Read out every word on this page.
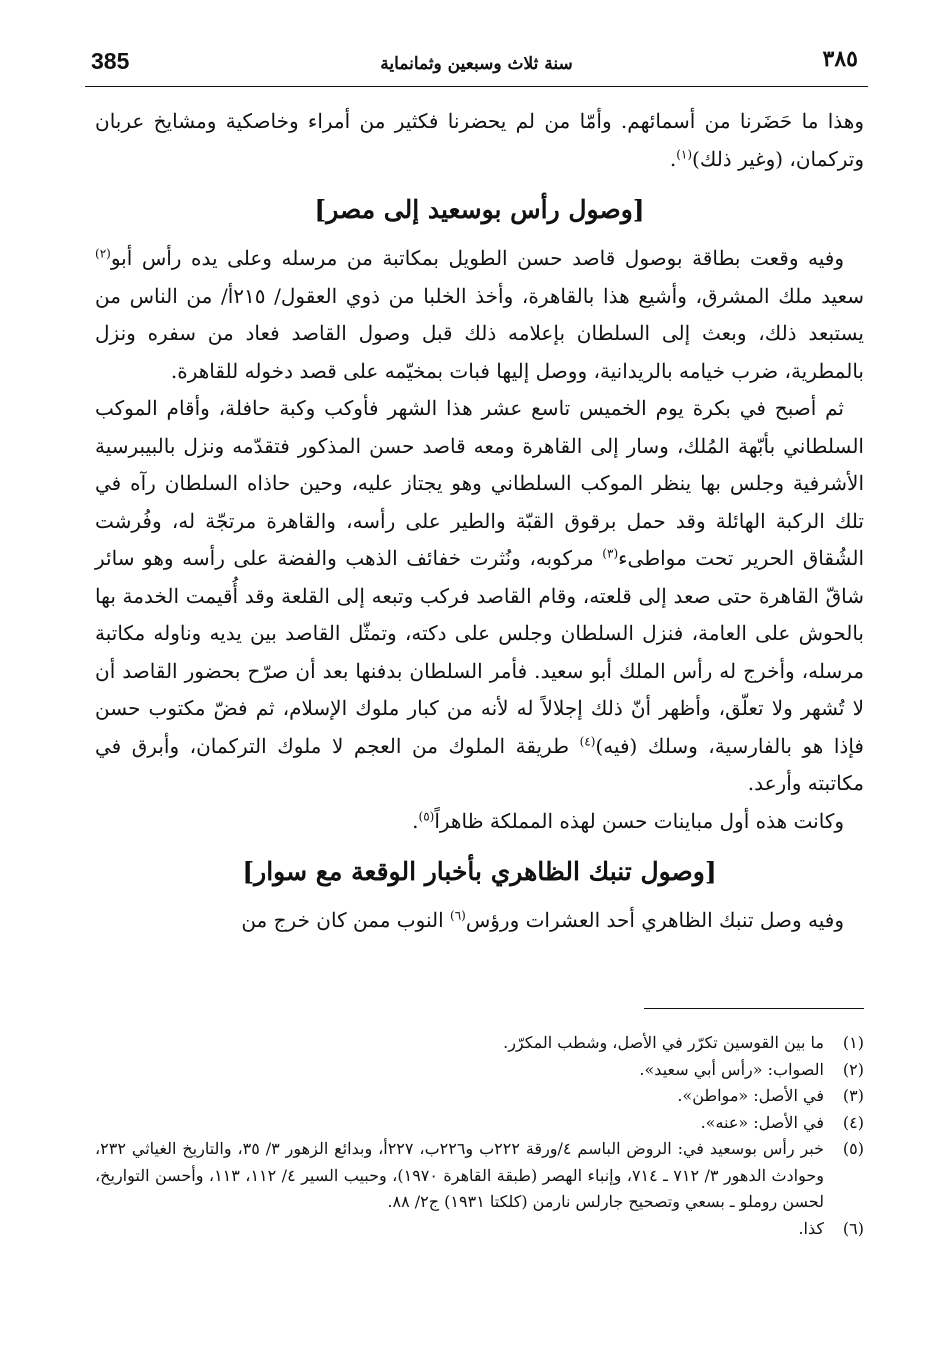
385	سنة ثلاث وسبعين وثمانماية	٣٨٥

وهذا ما حَضَرنا من أسمائهم. وأمّا من لم يحضرنا فكثير من أمراء وخاصكية ومشايخ عربان وتركمان، (وغير ذلك)$^{(١)}$.

[وصول رأس بوسعيد إلى مصر]

وفيه وقعت بطاقة بوصول قاصد حسن الطويل بمكاتبة من مرسله وعلى يده رأس أبو$^{(٢)}$ سعيد ملك المشرق، وأشيع هذا بالقاهرة، وأخذ الخلبا من ذوي العقول/ ٢١٥أ/ من الناس من يستبعد ذلك، وبعث إلى السلطان بإعلامه ذلك قبل وصول القاصد فعاد من سفره ونزل بالمطرية، ضرب خيامه بالريدانية، ووصل إليها فبات بمخيّمه على قصد دخوله للقاهرة.

ثم أصبح في بكرة يوم الخميس تاسع عشر هذا الشهر فأوكب وكبة حافلة، وأقام الموكب السلطاني بأبّهة المُلك، وسار إلى القاهرة ومعه قاصد حسن المذكور فتقدّمه ونزل بالبيبرسية الأشرفية وجلس بها ينظر الموكب السلطاني وهو يجتاز عليه، وحين حاذاه السلطان رآه في تلك الركبة الهائلة وقد حمل برقوق القبّة والطير على رأسه، والقاهرة مرتجّة له، وفُرشت الشُقاق الحرير تحت مواطىء$^{(٣)}$ مركوبه، ونُثرت خفائف الذهب والفضة على رأسه وهو سائر شاقّ القاهرة حتى صعد إلى قلعته، وقام القاصد فركب وتبعه إلى القلعة وقد أُقيمت الخدمة بها بالحوش على العامة، فنزل السلطان وجلس على دكته، وتمثّل القاصد بين يديه وناوله مكاتبة مرسله، وأخرج له رأس الملك أبو سعيد. فأمر السلطان بدفنها بعد أن صرّح بحضور القاصد أن لا تُشهر ولا تعلّق، وأظهر أنّ ذلك إجلالاً له لأنه من كبار ملوك الإسلام، ثم فضّ مكتوب حسن فإذا هو بالفارسية، وسلك (فيه)$^{(٤)}$ طريقة الملوك من العجم لا ملوك التركمان، وأبرق في مكاتبته وأرعد.

وكانت هذه أول مباينات حسن لهذه المملكة ظاهراً$^{(٥)}$.

[وصول تنبك الظاهري بأخبار الوقعة مع سوار]

وفيه وصل تنبك الظاهري أحد العشرات ورؤس$^{(٦)}$ النوب ممن كان خرج من

(١)
ما بين القوسين تكرّر في الأصل، وشطب المكرّر.
(٢)
الصواب: «رأس أبي سعيد».
(٣)
في الأصل: «مواطن».
(٤)
في الأصل: «عنه».
(٥)
خبر رأس بوسعيد في: الروض الباسم ٤/ورقة ٢٢٢ب و٢٢٦ب، ٢٢٧أ، وبدائع الزهور ٣/ ٣٥، والتاريخ الغياثي ٢٣٢، وحوادث الدهور ٣/ ٧١٢ ـ ٧١٤، وإنباء الهصر (طبقة القاهرة ١٩٧٠)، وحبيب السير ٤/ ١١٢، ١١٣، وأحسن التواريخ، لحسن روملو ـ بسعي وتصحيح جارلس نارمن (كلكتا ١٩٣١) ج٢/ ٨٨.
(٦)
كذا.
